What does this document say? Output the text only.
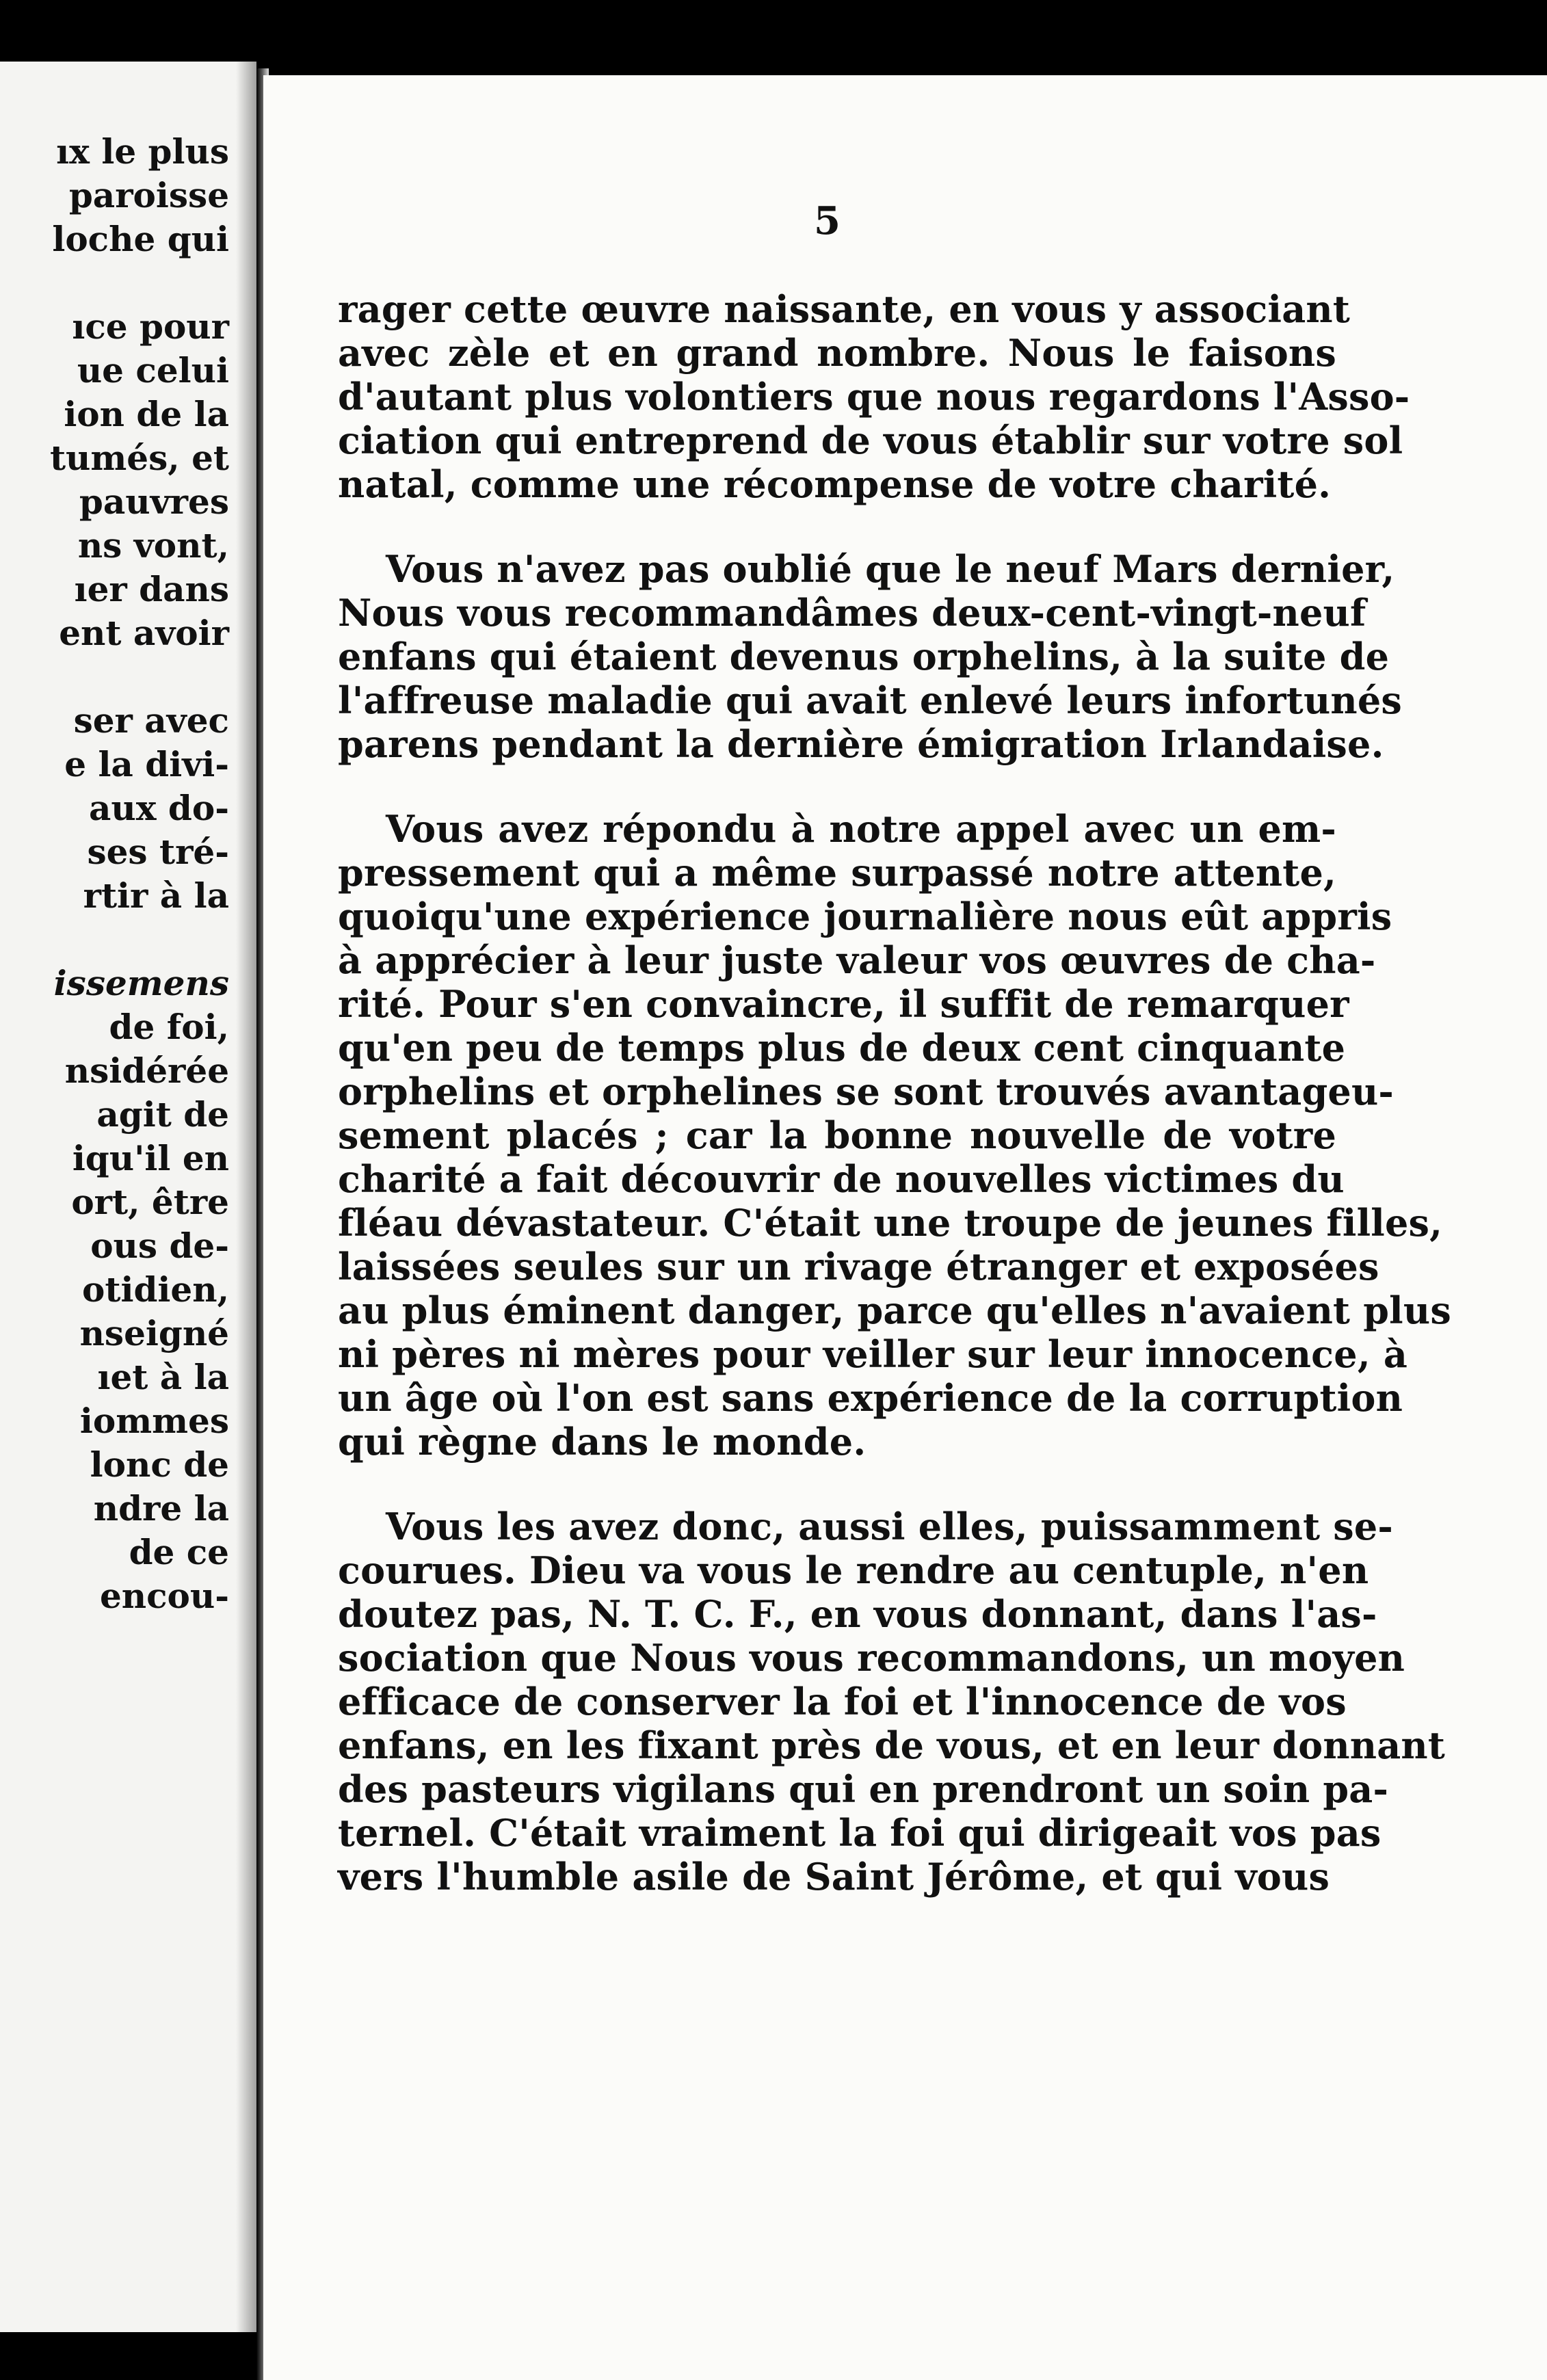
ıx le plus
paroisse
loche qui
ıce pour
ue celui
ion de la
tumés, et
pauvres
ns vont,
ıer dans
ent avoir
ser avec
e la divi-
aux do-
ses tré-
rtir à la
issemens
de foi,
nsidérée
agit de
iqu'il en
ort, être
ous de-
otidien,
nseigné
ıet à la
iommes
lonc de
ndre la
de ce
encou-
5
rager cette œuvre naissante, en vous y associant
avec zèle et en grand nombre. Nous le faisons
d'autant plus volontiers que nous regardons l'Asso-
ciation qui entreprend de vous établir sur votre sol
natal, comme une récompense de votre charité.
Vous n'avez pas oublié que le neuf Mars dernier,
Nous vous recommandâmes deux-cent-vingt-neuf
enfans qui étaient devenus orphelins, à la suite de
l'affreuse maladie qui avait enlevé leurs infortunés
parens pendant la dernière émigration Irlandaise.
Vous avez répondu à notre appel avec un em-
pressement qui a même surpassé notre attente,
quoiqu'une expérience journalière nous eût appris
à apprécier à leur juste valeur vos œuvres de cha-
rité. Pour s'en convaincre, il suffit de remarquer
qu'en peu de temps plus de deux cent cinquante
orphelins et orphelines se sont trouvés avantageu-
sement placés ; car la bonne nouvelle de votre
charité a fait découvrir de nouvelles victimes du
fléau dévastateur. C'était une troupe de jeunes filles,
laissées seules sur un rivage étranger et exposées
au plus éminent danger, parce qu'elles n'avaient plus
ni pères ni mères pour veiller sur leur innocence, à
un âge où l'on est sans expérience de la corruption
qui règne dans le monde.
Vous les avez donc, aussi elles, puissamment se-
courues. Dieu va vous le rendre au centuple, n'en
doutez pas, N. T. C. F., en vous donnant, dans l'as-
sociation que Nous vous recommandons, un moyen
efficace de conserver la foi et l'innocence de vos
enfans, en les fixant près de vous, et en leur donnant
des pasteurs vigilans qui en prendront un soin pa-
ternel. C'était vraiment la foi qui dirigeait vos pas
vers l'humble asile de Saint Jérôme, et qui vous
